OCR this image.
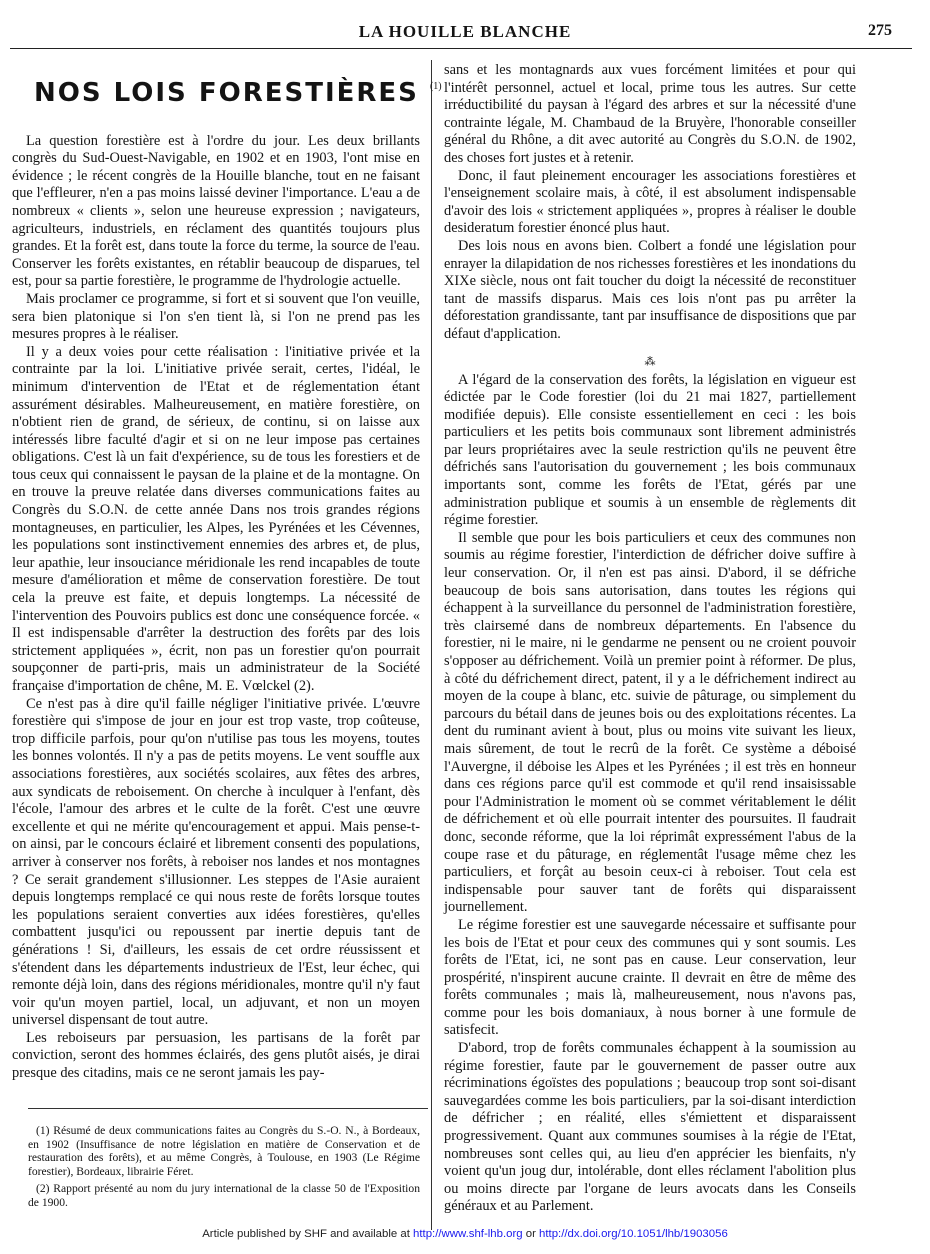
LA HOUILLE BLANCHE	275
NOS LOIS FORESTIÈRES $^{(1)}$

La question forestière est à l'ordre du jour. Les deux brillants congrès du Sud-Ouest-Navigable, en 1902 et en 1903, l'ont mise en évidence ; le récent congrès de la Houille blanche, tout en ne faisant que l'effleurer, n'en a pas moins laissé deviner l'importance. L'eau a de nombreux « clients », selon une heureuse expression ; navigateurs, agriculteurs, industriels, en réclament des quantités toujours plus grandes. Et la forêt est, dans toute la force du terme, la source de l'eau. Conserver les forêts existantes, en rétablir beaucoup de disparues, tel est, pour sa partie forestière, le programme de l'hydrologie actuelle.

Mais proclamer ce programme, si fort et si souvent que l'on veuille, sera bien platonique si l'on s'en tient là, si l'on ne prend pas les mesures propres à le réaliser.

Il y a deux voies pour cette réalisation : l'initiative privée et la contrainte par la loi. L'initiative privée serait, certes, l'idéal, le minimum d'intervention de l'Etat et de réglementation étant assurément désirables. Malheureusement, en matière forestière, on n'obtient rien de grand, de sérieux, de continu, si on laisse aux intéressés libre faculté d'agir et si on ne leur impose pas certaines obligations. C'est là un fait d'expérience, su de tous les forestiers et de tous ceux qui connaissent le paysan de la plaine et de la montagne. On en trouve la preuve relatée dans diverses communications faites au Congrès du S.O.N. de cette année Dans nos trois grandes régions montagneuses, en particulier, les Alpes, les Pyrénées et les Cévennes, les populations sont instinctivement ennemies des arbres et, de plus, leur apathie, leur insouciance méridionale les rend incapables de toute mesure d'amélioration et même de conservation forestière. De tout cela la preuve est faite, et depuis longtemps. La nécessité de l'intervention des Pouvoirs publics est donc une conséquence forcée. « Il est indispensable d'arrêter la destruction des forêts par des lois strictement appliquées », écrit, non pas un forestier qu'on pourrait soupçonner de parti-pris, mais un administrateur de la Société française d'importation de chêne, M. E. Vœlckel (2).

Ce n'est pas à dire qu'il faille négliger l'initiative privée. L'œuvre forestière qui s'impose de jour en jour est trop vaste, trop coûteuse, trop difficile parfois, pour qu'on n'utilise pas tous les moyens, toutes les bonnes volontés. Il n'y a pas de petits moyens. Le vent souffle aux associations forestières, aux sociétés scolaires, aux fêtes des arbres, aux syndicats de reboisement. On cherche à inculquer à l'enfant, dès l'école, l'amour des arbres et le culte de la forêt. C'est une œuvre excellente et qui ne mérite qu'encouragement et appui. Mais pense-t-on ainsi, par le concours éclairé et librement consenti des populations, arriver à conserver nos forêts, à reboiser nos landes et nos montagnes ? Ce serait grandement s'illusionner. Les steppes de l'Asie auraient depuis longtemps remplacé ce qui nous reste de forêts lorsque toutes les populations seraient converties aux idées forestières, qu'elles combattent jusqu'ici ou repoussent par inertie depuis tant de générations ! Si, d'ailleurs, les essais de cet ordre réussissent et s'étendent dans les départements industrieux de l'Est, leur échec, qui remonte déjà loin, dans des régions méridionales, montre qu'il n'y faut voir qu'un moyen partiel, local, un adjuvant, et non un moyen universel dispensant de tout autre.

Les reboiseurs par persuasion, les partisans de la forêt par conviction, seront des hommes éclairés, des gens plutôt aisés, je dirai presque des citadins, mais ce ne seront jamais les pay-

sans et les montagnards aux vues forcément limitées et pour qui l'intérêt personnel, actuel et local, prime tous les autres. Sur cette irréductibilité du paysan à l'égard des arbres et sur la nécessité d'une contrainte légale, M. Chambaud de la Bruyère, l'honorable conseiller général du Rhône, a dit avec autorité au Congrès du S.O.N. de 1902, des choses fort justes et à retenir.

Donc, il faut pleinement encourager les associations forestières et l'enseignement scolaire mais, à côté, il est absolument indispensable d'avoir des lois « strictement appliquées », propres à réaliser le double desideratum forestier énoncé plus haut.

Des lois nous en avons bien. Colbert a fondé une législation pour enrayer la dilapidation de nos richesses forestières et les inondations du XIXe siècle, nous ont fait toucher du doigt la nécessité de reconstituer tant de massifs disparus. Mais ces lois n'ont pas pu arrêter la déforestation grandissante, tant par insuffisance de dispositions que par défaut d'application.

⁂

A l'égard de la conservation des forêts, la législation en vigueur est édictée par le Code forestier (loi du 21 mai 1827, partiellement modifiée depuis). Elle consiste essentiellement en ceci : les bois particuliers et les petits bois communaux sont librement administrés par leurs propriétaires avec la seule restriction qu'ils ne peuvent être défrichés sans l'autorisation du gouvernement ; les bois communaux importants sont, comme les forêts de l'Etat, gérés par une administration publique et soumis à un ensemble de règlements dit régime forestier.

Il semble que pour les bois particuliers et ceux des communes non soumis au régime forestier, l'interdiction de défricher doive suffire à leur conservation. Or, il n'en est pas ainsi. D'abord, il se défriche beaucoup de bois sans autorisation, dans toutes les régions qui échappent à la surveillance du personnel de l'administration forestière, très clairsemé dans de nombreux départements. En l'absence du forestier, ni le maire, ni le gendarme ne pensent ou ne croient pouvoir s'opposer au défrichement. Voilà un premier point à réformer. De plus, à côté du défrichement direct, patent, il y a le défrichement indirect au moyen de la coupe à blanc, etc. suivie de pâturage, ou simplement du parcours du bétail dans de jeunes bois ou des exploitations récentes. La dent du ruminant avient à bout, plus ou moins vite suivant les lieux, mais sûrement, de tout le recrû de la forêt. Ce système a déboisé l'Auvergne, il déboise les Alpes et les Pyrénées ; il est très en honneur dans ces régions parce qu'il est commode et qu'il rend insaisissable pour l'Administration le moment où se commet véritablement le délit de défrichement et où elle pourrait intenter des poursuites. Il faudrait donc, seconde réforme, que la loi réprimât expressément l'abus de la coupe rase et du pâturage, en réglementât l'usage même chez les particuliers, et forçât au besoin ceux-ci à reboiser. Tout cela est indispensable pour sauver tant de forêts qui disparaissent journellement.

Le régime forestier est une sauvegarde nécessaire et suffisante pour les bois de l'Etat et pour ceux des communes qui y sont soumis. Les forêts de l'Etat, ici, ne sont pas en cause. Leur conservation, leur prospérité, n'inspirent aucune crainte. Il devrait en être de même des forêts communales ; mais là, malheureusement, nous n'avons pas, comme pour les bois domaniaux, à nous borner à une formule de satisfecit.

D'abord, trop de forêts communales échappent à la soumission au régime forestier, faute par le gouvernement de passer outre aux récriminations égoïstes des populations ; beaucoup trop sont soi-disant sauvegardées comme les bois particuliers, par la soi-disant interdiction de défricher ; en réalité, elles s'émiettent et disparaissent progressivement. Quant aux communes soumises à la régie de l'Etat, nombreuses sont celles qui, au lieu d'en apprécier les bienfaits, n'y voient qu'un joug dur, intolérable, dont elles réclament l'abolition plus ou moins directe par l'organe de leurs avocats dans les Conseils généraux et au Parlement.

(1) Résumé de deux communications faites au Congrès du S.-O. N., à Bordeaux, en 1902 (Insuffisance de notre législation en matière de Conservation et de restauration des forêts), et au même Congrès, à Toulouse, en 1903 (Le Régime forestier), Bordeaux, librairie Féret.

(2) Rapport présenté au nom du jury international de la classe 50 de l'Exposition de 1900.

Article published by SHF and available at http://www.shf-lhb.org or http://dx.doi.org/10.1051/lhb/1903056
